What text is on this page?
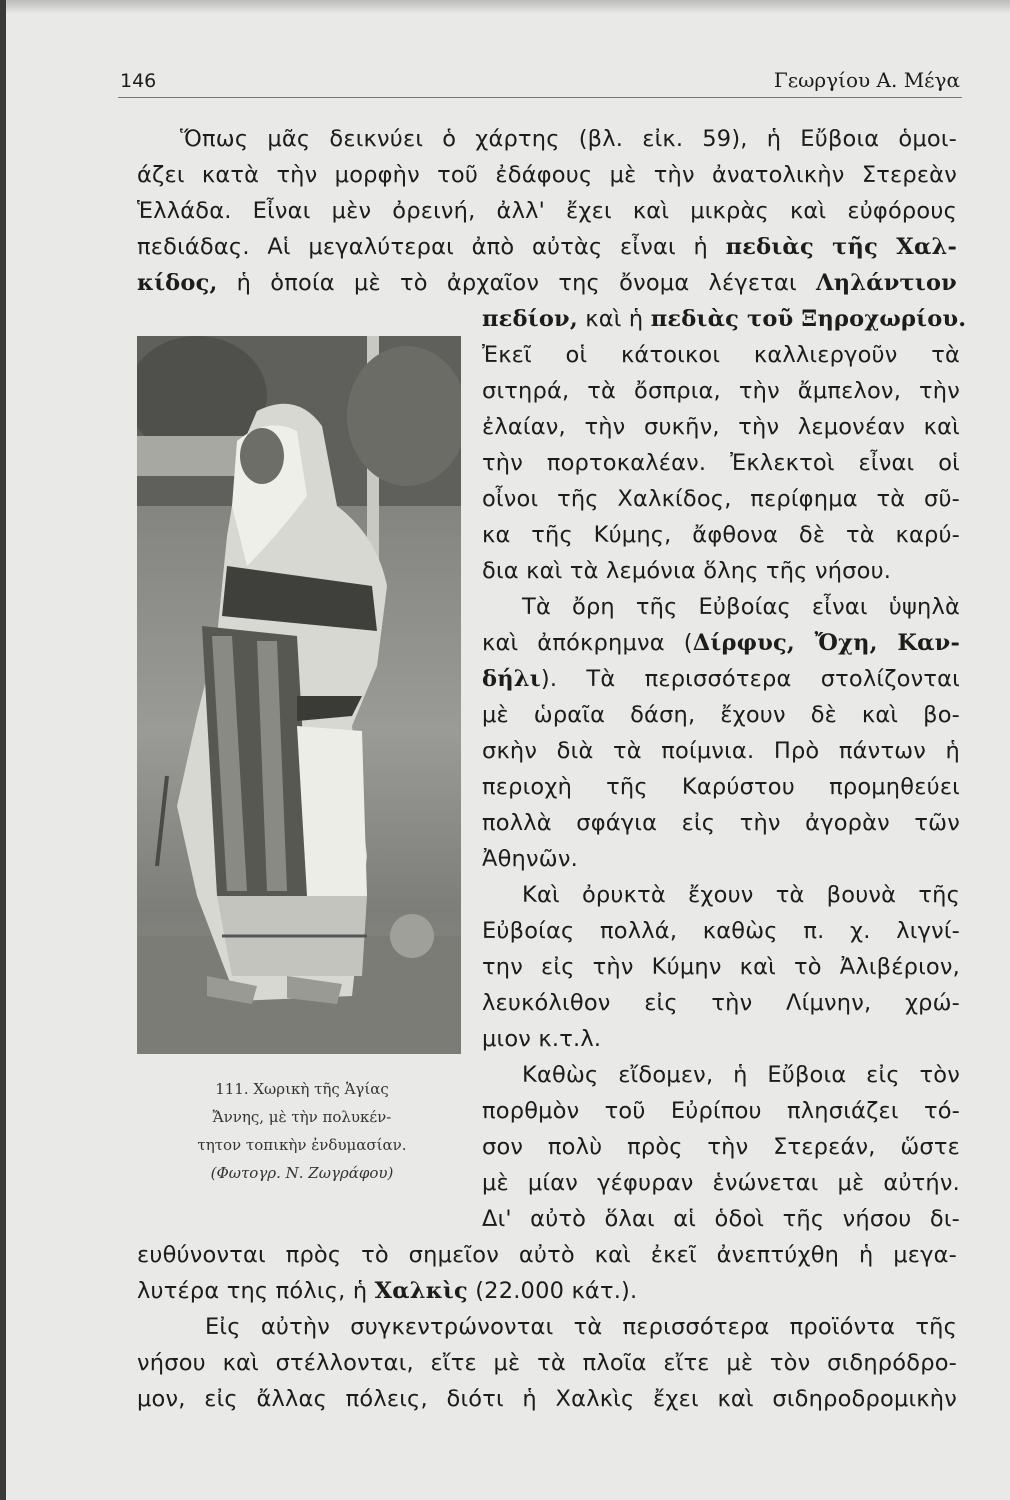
146	Γεωργίου Α. Μέγα
Ὅπως μᾶς δεικνύει ὁ χάρτης (βλ. εἰκ. 59), ἡ Εὔβοια ὁμοι-
άζει κατὰ τὴν μορφὴν τοῦ ἐδάφους μὲ τὴν ἀνατολικὴν Στερεὰν
Ἑλλάδα. Εἶναι μὲν ὀρεινή, ἀλλ' ἔχει καὶ μικρὰς καὶ εὐφόρους
πεδιάδας. Αἱ μεγαλύτεραι ἀπὸ αὐτὰς εἶναι ἡ πεδιὰς τῆς Χαλ-
κίδος, ἡ ὁποία μὲ τὸ ἀρχαῖον της ὄνομα λέγεται Ληλάντιον
πεδίον, καὶ ἡ πεδιὰς τοῦ Ξηροχωρίου.
Ἐκεῖ οἱ κάτοικοι καλλιεργοῦν τὰ
σιτηρά, τὰ ὄσπρια, τὴν ἄμπελον, τὴν
ἐλαίαν, τὴν συκῆν, τὴν λεμονέαν καὶ
τὴν πορτοκαλέαν. Ἐκλεκτοὶ εἶναι οἱ
οἶνοι τῆς Χαλκίδος, περίφημα τὰ σῦ-
κα τῆς Κύμης, ἄφθονα δὲ τὰ καρύ-
δια καὶ τὰ λεμόνια ὅλης τῆς νήσου.
Τὰ ὄρη τῆς Εὐβοίας εἶναι ὑψηλὰ
καὶ ἀπόκρημνα (Δίρφυς, Ὄχη, Καν-
δήλι). Τὰ περισσότερα στολίζονται
μὲ ὡραῖα δάση, ἔχουν δὲ καὶ βο-
σκὴν διὰ τὰ ποίμνια. Πρὸ πάντων ἡ
περιοχὴ τῆς Καρύστου προμηθεύει
πολλὰ σφάγια εἰς τὴν ἀγορὰν τῶν
Ἀθηνῶν.
Καὶ ὀρυκτὰ ἔχουν τὰ βουνὰ τῆς
Εὐβοίας πολλά, καθὼς π. χ. λιγνί-
την εἰς τὴν Κύμην καὶ τὸ Ἀλιβέριον,
λευκόλιθον εἰς τὴν Λίμνην, χρώ-
μιον κ.τ.λ.
Καθὼς εἴδομεν, ἡ Εὔβοια εἰς τὸν
πορθμὸν τοῦ Εὐρίπου πλησιάζει τό-
σον πολὺ πρὸς τὴν Στερεάν, ὥστε
μὲ μίαν γέφυραν ἑνώνεται μὲ αὐτήν.
Δι' αὐτὸ ὅλαι αἱ ὁδοὶ τῆς νήσου δι-
111. Χωρικὴ τῆς Ἁγίας
Ἄννης, μὲ τὴν πολυκέν-
τητον τοπικὴν ἐνδυμασίαν.
(Φωτογρ. Ν. Ζωγράφου)
ευθύνονται πρὸς τὸ σημεῖον αὐτὸ καὶ ἐκεῖ ἀνεπτύχθη ἡ μεγα-
λυτέρα της πόλις, ἡ Χαλκὶς (22.000 κάτ.).
Εἰς αὐτὴν συγκεντρώνονται τὰ περισσότερα προϊόντα τῆς
νήσου καὶ στέλλονται, εἴτε μὲ τὰ πλοῖα εἴτε μὲ τὸν σιδηρόδρο-
μον, εἰς ἄλλας πόλεις, διότι ἡ Χαλκὶς ἔχει καὶ σιδηροδρομικὴν
